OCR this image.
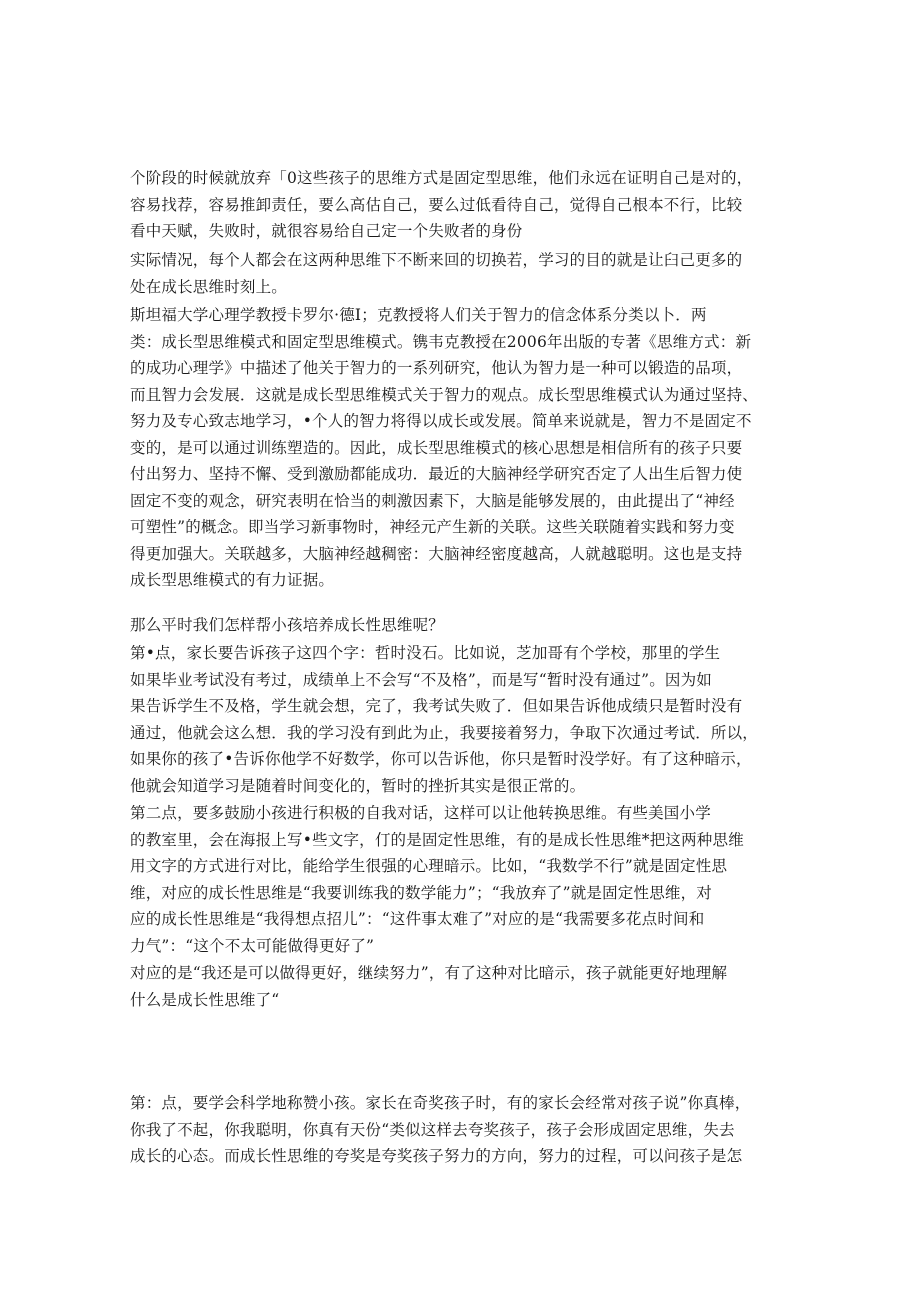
个阶段的时候就放弃「0这些孩子的思维方式是固定型思维，他们永远在证明自己是对的，
容易找荐，容易推卸责任，要么高估自己，要么过低看待自己，觉得自己根本不行，比较
看中天赋，失败时，就很容易给自己定一个失败者的身份

实际情况，每个人都会在这两种思维下不断来回的切换若，学习的目的就是让臼己更多的
处在成长思维时刻上。

斯坦福大学心理学教授卡罗尔·德I；克教授将人们关于智力的信念体系分类以卜．两
类：成长型思维模式和固定型思维模式。镌韦克教授在2006年出版的专著《思维方式：新
的成功心理学》中描述了他关于智力的一系列研究，他认为智力是一种可以锻造的品项，
而且智力会发展．这就是成长型思维模式关于智力的观点。成长型思维模式认为通过坚持、
努力及专心致志地学习，•个人的智力将得以成长或发展。简单来说就是，智力不是固定不
变的，是可以通过训练塑造的。因此，成长型思维模式的核心思想是相信所有的孩子只要
付出努力、坚持不懈、受到激励都能成功．最近的大脑神经学研究否定了人出生后智力使
固定不变的观念，研究表明在恰当的刺激因素下，大脑是能够发展的，由此提出了“神经
可塑性”的概念。即当学习新事物时，神经元产生新的关联。这些关联随着实践和努力变
得更加强大。关联越多，大脑神经越稠密：大脑神经密度越高，人就越聪明。这也是支持
成长型思维模式的有力证据。

那么平时我们怎样帮小孩培养成长性思维呢？

第•点，家长要告诉孩子这四个字：哲时没石。比如说，芝加哥有个学校，那里的学生
如果毕业考试没有考过，成绩单上不会写“不及格”，而是写“暂时没有通过”。因为如
果告诉学生不及格，学生就会想，完了，我考试失败了．但如果告诉他成绩只是暂时没有
通过，他就会这么想．我的学习没有到此为止，我要接着努力，争取下次通过考试．所以，
如果你的孩了•告诉你他学不好数学，你可以告诉他，你只是暂时没学好。有了这种暗示，
他就会知道学习是随着时间变化的，暂时的挫折其实是很正常的。

第二点，要多鼓励小孩进行积极的自我对话，这样可以让他转换思维。有些美国小学
的教室里，会在海报上写•些文字，仃的是固定性思维，有的是成长性思维*把这两种思维
用文字的方式进行对比，能给学生很强的心理暗示。比如，“我数学不行”就是固定性思
维，对应的成长性思维是“我要训练我的数学能力”；“我放弃了”就是固定性思维，对
应的成长性思维是“我得想点招儿”：“这件事太难了”对应的是“我需要多花点时间和
力气”：“这个不太可能做得更好了”

对应的是“我还是可以做得更好，继续努力”，有了这种对比暗示，孩子就能更好地理解
什么是成长性思维了“

第：点，要学会科学地称赞小孩。家长在奇奖孩子时，有的家长会经常对孩子说”你真棒，
你我了不起，你我聪明，你真有天份“类似这样去夸奖孩子，孩子会形成固定思维，失去
成长的心态。而成长性思维的夸奖是夸奖孩子努力的方向，努力的过程，可以问孩子是怎
